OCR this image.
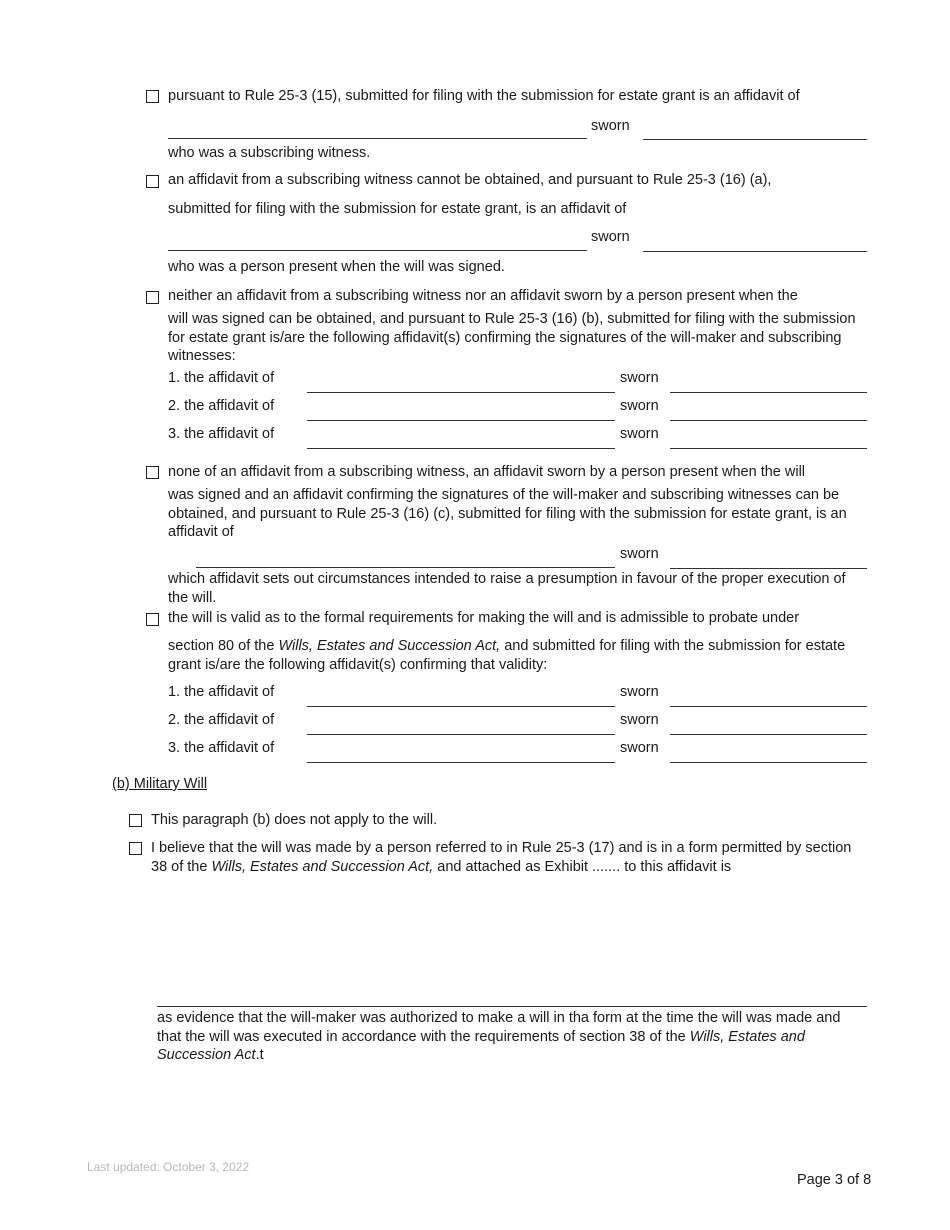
pursuant to Rule 25-3 (15), submitted for filing with the submission for estate grant is an affidavit of
sworn
who was a subscribing witness.
an affidavit from a subscribing witness cannot be obtained, and pursuant to Rule 25-3 (16) (a),
submitted for filing with the submission for estate grant, is an affidavit of
sworn
who was a person present when the will was signed.
neither an affidavit from a subscribing witness nor an affidavit sworn by a person present when the
will was signed can be obtained, and pursuant to Rule 25-3 (16) (b), submitted for filing with the submission for estate grant is/are the following affidavit(s) confirming the signatures of the will-maker and subscribing witnesses:
1. the affidavit of	sworn
2. the affidavit of	sworn
3. the affidavit of	sworn
none of an affidavit from a subscribing witness, an affidavit sworn by a person present when the will
was signed and an affidavit confirming the signatures of the will-maker and subscribing witnesses can be obtained, and pursuant to Rule 25-3 (16) (c), submitted for filing with the submission for estate grant, is an affidavit of
sworn
which affidavit sets out circumstances intended to raise a presumption in favour of the proper execution of the will.
the will is valid as to the formal requirements for making the will and is admissible to probate under
section 80 of the Wills, Estates and Succession Act, and submitted for filing with the submission for estate grant is/are the following affidavit(s) confirming that validity:
1. the affidavit of	sworn
2. the affidavit of	sworn
3. the affidavit of	sworn
(b) Military Will
This paragraph (b) does not apply to the will.
I believe that the will was made by a person referred to in Rule 25-3 (17) and is in a form permitted by section 38 of the Wills, Estates and Succession Act, and attached as Exhibit ....... to this affidavit is
as evidence that the will-maker was authorized to make a will in tha form at the time the will was made and that the will was executed in accordance with the requirements of section 38 of the Wills, Estates and Succession Act.t
Last updated: October 3, 2022
Page 3 of 8
